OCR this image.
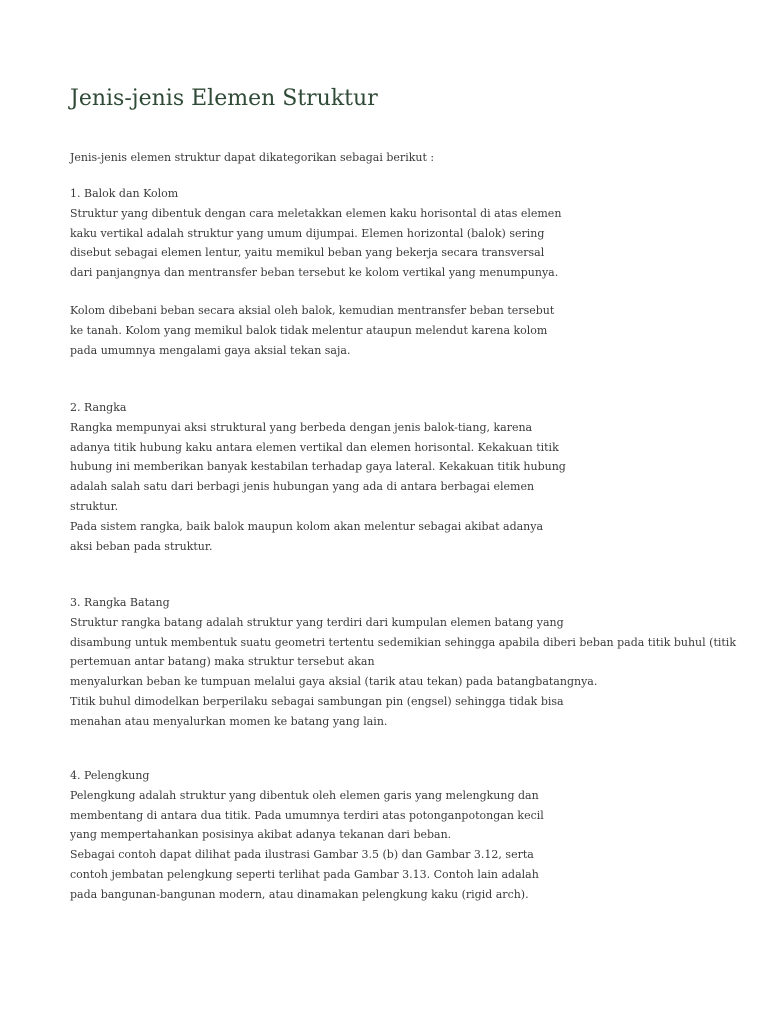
Jenis-jenis Elemen Struktur

Jenis-jenis elemen struktur dapat dikategorikan sebagai berikut :

1. Balok dan Kolom
Struktur yang dibentuk dengan cara meletakkan elemen kaku horisontal di atas elemen
kaku vertikal adalah struktur yang umum dijumpai. Elemen horizontal (balok) sering
disebut sebagai elemen lentur, yaitu memikul beban yang bekerja secara transversal
dari panjangnya dan mentransfer beban tersebut ke kolom vertikal yang menumpunya.
Kolom dibebani beban secara aksial oleh balok, kemudian mentransfer beban tersebut
ke tanah. Kolom yang memikul balok tidak melentur ataupun melendut karena kolom
pada umumnya mengalami gaya aksial tekan saja.
2. Rangka
Rangka mempunyai aksi struktural yang berbeda dengan jenis balok-tiang, karena
adanya titik hubung kaku antara elemen vertikal dan elemen horisontal. Kekakuan titik
hubung ini memberikan banyak kestabilan terhadap gaya lateral. Kekakuan titik hubung
adalah salah satu dari berbagi jenis hubungan yang ada di antara berbagai elemen
struktur.
Pada sistem rangka, baik balok maupun kolom akan melentur sebagai akibat adanya
aksi beban pada struktur.
3. Rangka Batang
Struktur rangka batang adalah struktur yang terdiri dari kumpulan elemen batang yang
disambung untuk membentuk suatu geometri tertentu sedemikian sehingga apabila diberi beban pada titik buhul (titik
pertemuan antar batang) maka struktur tersebut akan
menyalurkan beban ke tumpuan melalui gaya aksial (tarik atau tekan) pada batangbatangnya.
Titik buhul dimodelkan berperilaku sebagai sambungan pin (engsel) sehingga tidak bisa
menahan atau menyalurkan momen ke batang yang lain.
4. Pelengkung
Pelengkung adalah struktur yang dibentuk oleh elemen garis yang melengkung dan
membentang di antara dua titik. Pada umumnya terdiri atas potonganpotongan kecil
yang mempertahankan posisinya akibat adanya tekanan dari beban.
Sebagai contoh dapat dilihat pada ilustrasi Gambar 3.5 (b) dan Gambar 3.12, serta
contoh jembatan pelengkung seperti terlihat pada Gambar 3.13. Contoh lain adalah
pada bangunan-bangunan modern, atau dinamakan pelengkung kaku (rigid arch).
